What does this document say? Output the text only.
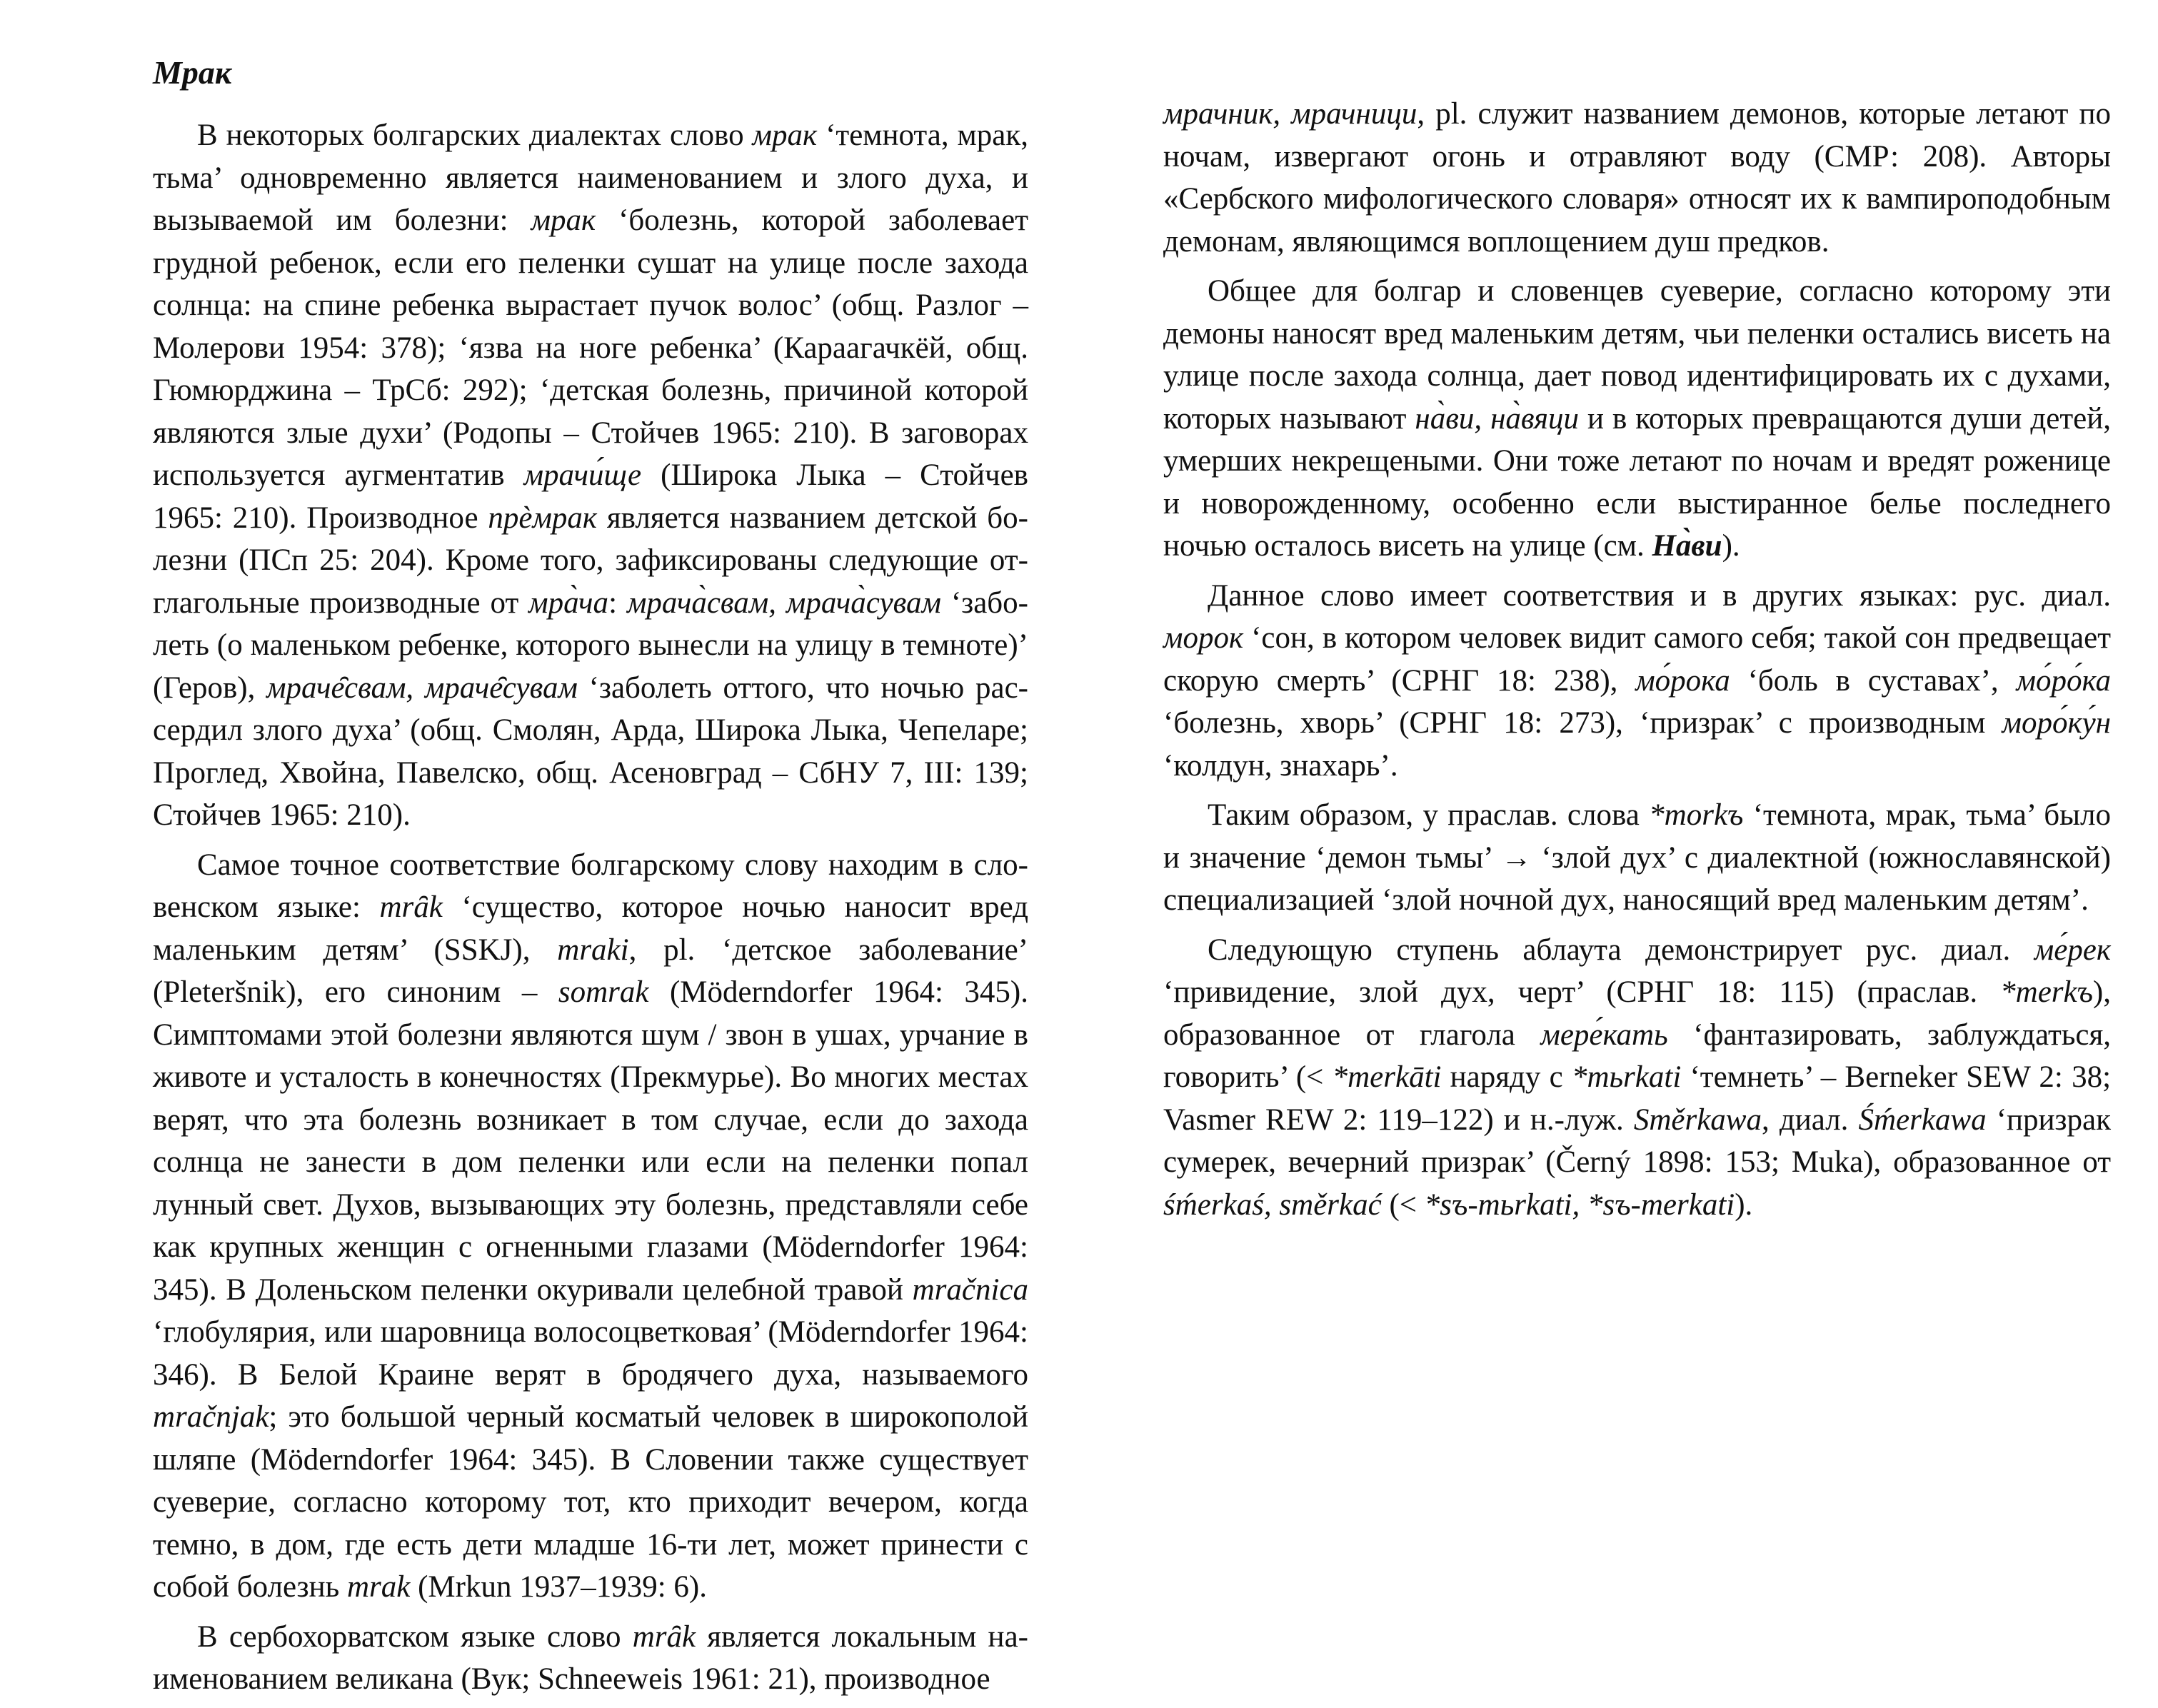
Мрак

В некоторых болгарских диалектах слово мрак ‘темнота, мрак, тьма’ одновременно является наименованием и злого духа, и вызываемой им болезни: мрак ‘болезнь, которой заболевает грудной ребенок, если его пеленки сушат на улице после захода солнца: на спине ребенка вырастает пучок волос’ (общ. Разлог – Молерови 1954: 378); ‘язва на ноге ребенка’ (Караагачкёй, общ. Гюмюрджина – ТрСб: 292); ‘детская болезнь, причиной которой являются злые духи’ (Родопы – Стойчев 1965: 210). В заговорах используется аугментатив мрачи́ще (Широка Лыка – Стойчев 1965: 210). Производное прѐмрак является названием детской болезни (ПСп 25: 204). Кроме того, зафиксированы следующие отглагольные производные от мра̀ча: мрача̀свам, мрача̀сувам ‘заболеть (о маленьком ребенке, которого вынесли на улицу в темноте)’ (Геров), мраче̑свам, мраче̑сувам ‘заболеть оттого, что ночью рассердил злого духа’ (общ. Смолян, Арда, Широка Лыка, Чепеларе; Проглед, Хвойна, Павелско, общ. Асеновград – СбНУ 7, III: 139; Стойчев 1965: 210).

Самое точное соответствие болгарскому слову находим в словенском языке: mrȃk ‘существо, которое ночью наносит вред маленьким детям’ (SSKJ), mraki, pl. ‘детское заболевание’ (Pleteršnik), его синоним – somrak (Möderndorfer 1964: 345). Симптомами этой болезни являются шум / звон в ушах, урчание в животе и усталость в конечностях (Прекмурье). Во многих местах верят, что эта болезнь возникает в том случае, если до захода солнца не занести в дом пеленки или если на пеленки попал лунный свет. Духов, вызывающих эту болезнь, представляли себе как крупных женщин с огненными глазами (Möderndorfer 1964: 345). В Доленьском пеленки окуривали целебной травой mračnica ‘глобулярия, или шаровница волосоцветковая’ (Möderndorfer 1964: 346). В Белой Краине верят в бродячего духа, называемого mračnjak; это большой черный косматый человек в широкополой шляпе (Möderndorfer 1964: 345). В Словении также существует суеверие, согласно которому тот, кто приходит вечером, когда темно, в дом, где есть дети младше 16-ти лет, может принести с собой болезнь mrak (Mrkun 1937–1939: 6).

В сербохорватском языке слово mrȃk является локальным наименованием великана (Вук; Schneeweis 1961: 21), производное

мрачник, мрачници, pl. служит названием демонов, которые летают по ночам, извергают огонь и отравляют воду (СМР: 208). Авторы «Сербского мифологического словаря» относят их к вампироподобным демонам, являющимся воплощением душ предков.

Общее для болгар и словенцев суеверие, согласно которому эти демоны наносят вред маленьким детям, чьи пеленки остались висеть на улице после захода солнца, дает повод идентифицировать их с духами, которых называют на̀ви, на̀вяци и в которых превращаются души детей, умерших некрещеными. Они тоже летают по ночам и вредят роженице и новорожденному, особенно если выстиранное белье последнего ночью осталось висеть на улице (см. На̀ви).

Данное слово имеет соответствия и в других языках: рус. диал. морок ‘сон, в котором человек видит самого себя; такой сон предвещает скорую смерть’ (СРНГ 18: 238), мо́рока ‘боль в суставах’, мо́ро́ка ‘болезнь, хворь’ (СРНГ 18: 273), ‘призрак’ с производным моро́ку́н ‘колдун, знахарь’.

Таким образом, у праслав. слова *morkъ ‘темнота, мрак, тьма’ было и значение ‘демон тьмы’ → ‘злой дух’ с диалектной (южнославянской) специализацией ‘злой ночной дух, наносящий вред маленьким детям’.

Следующую ступень аблаута демонстрирует рус. диал. ме́рек ‘привидение, злой дух, черт’ (СРНГ 18: 115) (праслав. *merkъ), образованное от глагола мере́кать ‘фантазировать, заблуждаться, говорить’ (< *merkāti наряду с *mьrkati ‘темнеть’ – Berneker SEW 2: 38; Vasmer REW 2: 119–122) и н.-луж. Směrkawa, диал. Śḿerkawa ‘призрак сумерек, вечерний призрак’ (Černý 1898: 153; Muka), образованное от śḿerkaś, směrkać (< *sъ-mьrkati, *sъ-merkati).
